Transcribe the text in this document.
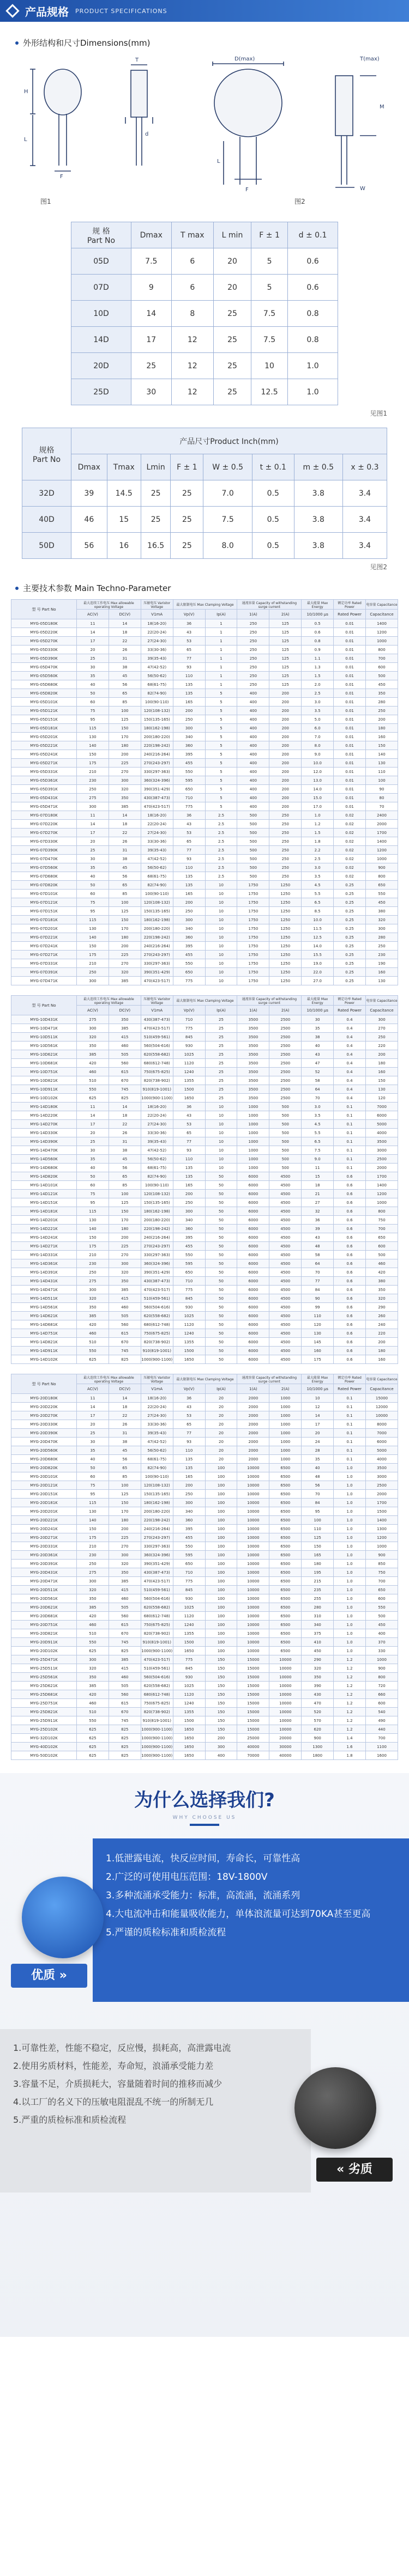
产品规格 PRODUCT SPECIFICATIONS
外形结构和尺寸Dimensions(mm)
H
L
F
T
d
图1
D(max)	T(max)
L
F	W
M
图2
规 格
Part No	Dmax	T max	L min	F ± 1	d ± 0.1
05D	7.5	6	20	5	0.6
07D	9	6	20	5	0.6
10D	14	8	25	7.5	0.8
14D	17	12	25	7.5	0.8
20D	25	12	25	10	1.0
25D	30	12	25	12.5	1.0
见图1
规格
Part No	产品尺寸Product Inch(mm)							
	Dmax	Tmax	Lmin	F ± 1	W ± 0.5	t ± 0.1	m ± 0.5	x ± 0.3
32D	39	14.5	25	25	7.0	0.5	3.8	3.4
40D	46	15	25	25	7.5	0.5	3.8	3.4
50D	56	16	16.5	25	8.0	0.5	3.8	3.4
见图2
主要技术参数 Main Techno-Parameter
型 号 Part No	最大连续工作电压 Max allowable operating Voltage		压敏电压 Varistor Voltage	最大限制电压 Max Clamping Voltage		通流容量 Capacity of withstanding surge current		最大能量 Max Energy	额定功率 Rated Power	电容量 Capacitance
	AC(V)	DC(V)	V1mA	Vp(V)	Ip(A)	1(A)	2(A)	10/1000 μs	Rated Power	Capacitance
MYG-05D180K	11	14	18(16-20)	36	1	250	125	0.5	0.01	1400
MYG-05D220K	14	18	22(20-24)	43	1	250	125	0.6	0.01	1200
MYG-05D270K	17	22	27(24-30)	53	1	250	125	0.8	0.01	1000
MYG-05D330K	20	26	33(30-36)	65	1	250	125	0.9	0.01	800
MYG-05D390K	25	31	39(35-43)	77	1	250	125	1.1	0.01	700
MYG-05D470K	30	38	47(42-52)	93	1	250	125	1.3	0.01	600
MYG-05D560K	35	45	56(50-62)	110	1	250	125	1.5	0.01	500
MYG-05D680K	40	56	68(61-75)	135	1	250	125	2.0	0.01	450
MYG-05D820K	50	65	82(74-90)	135	5	400	200	2.5	0.01	350
MYG-05D101K	60	85	100(90-110)	165	5	400	200	3.0	0.01	280
MYG-05D121K	75	100	120(108-132)	200	5	400	200	3.5	0.01	250
MYG-05D151K	95	125	150(135-165)	250	5	400	200	5.0	0.01	200
MYG-05D181K	115	150	180(162-198)	300	5	400	200	6.0	0.01	180
MYG-05D201K	130	170	200(180-220)	340	5	400	200	7.0	0.01	160
MYG-05D221K	140	180	220(198-242)	360	5	400	200	8.0	0.01	150
MYG-05D241K	150	200	240(216-264)	395	5	400	200	9.0	0.01	140
MYG-05D271K	175	225	270(243-297)	455	5	400	200	10.0	0.01	130
MYG-05D331K	210	270	330(297-363)	550	5	400	200	12.0	0.01	110
MYG-05D361K	230	300	360(324-396)	595	5	400	200	13.0	0.01	100
MYG-05D391K	250	320	390(351-429)	650	5	400	200	14.0	0.01	90
MYG-05D431K	275	350	430(387-473)	710	5	400	200	15.0	0.01	80
MYG-05D471K	300	385	470(423-517)	775	5	400	200	17.0	0.01	70
MYG-07D180K	11	14	18(16-20)	36	2.5	500	250	1.0	0.02	2400
MYG-07D220K	14	18	22(20-24)	43	2.5	500	250	1.2	0.02	2000
MYG-07D270K	17	22	27(24-30)	53	2.5	500	250	1.5	0.02	1700
MYG-07D330K	20	26	33(30-36)	65	2.5	500	250	1.8	0.02	1400
MYG-07D390K	25	31	39(35-43)	77	2.5	500	250	2.2	0.02	1200
MYG-07D470K	30	38	47(42-52)	93	2.5	500	250	2.5	0.02	1000
MYG-07D560K	35	45	56(50-62)	110	2.5	500	250	3.0	0.02	900
MYG-07D680K	40	56	68(61-75)	135	2.5	500	250	3.5	0.02	800
MYG-07D820K	50	65	82(74-90)	135	10	1750	1250	4.5	0.25	650
MYG-07D101K	60	85	100(90-110)	165	10	1750	1250	5.5	0.25	550
MYG-07D121K	75	100	120(108-132)	200	10	1750	1250	6.5	0.25	450
MYG-07D151K	95	125	150(135-165)	250	10	1750	1250	8.5	0.25	380
MYG-07D181K	115	150	180(162-198)	300	10	1750	1250	10.0	0.25	320
MYG-07D201K	130	170	200(180-220)	340	10	1750	1250	11.5	0.25	300
MYG-07D221K	140	180	220(198-242)	360	10	1750	1250	12.5	0.25	280
MYG-07D241K	150	200	240(216-264)	395	10	1750	1250	14.0	0.25	250
MYG-07D271K	175	225	270(243-297)	455	10	1750	1250	15.5	0.25	230
MYG-07D331K	210	270	330(297-363)	550	10	1750	1250	19.0	0.25	190
MYG-07D391K	250	320	390(351-429)	650	10	1750	1250	22.0	0.25	160
MYG-07D471K	300	385	470(423-517)	775	10	1750	1250	27.0	0.25	130
型 号 Part No	最大连续工作电压 Max allowable operating Voltage		压敏电压 Varistor Voltage	最大限制电压 Max Clamping Voltage		通流容量 Capacity of withstanding surge current		最大能量 Max Energy	额定功率 Rated Power	电容量 Capacitance
	AC(V)	DC(V)	V1mA	Vp(V)	Ip(A)	1(A)	2(A)	10/1000 μs	Rated Power	Capacitance
MYG-10D431K	275	350	430(387-473)	710	25	3500	2500	30	0.4	300
MYG-10D471K	300	385	470(423-517)	775	25	3500	2500	35	0.4	270
MYG-10D511K	320	415	510(459-561)	845	25	3500	2500	38	0.4	250
MYG-10D561K	350	460	560(504-616)	930	25	3500	2500	40	0.4	220
MYG-10D621K	385	505	620(558-682)	1025	25	3500	2500	43	0.4	200
MYG-10D681K	420	560	680(612-748)	1120	25	3500	2500	47	0.4	180
MYG-10D751K	460	615	750(675-825)	1240	25	3500	2500	52	0.4	160
MYG-10D821K	510	670	820(738-902)	1355	25	3500	2500	58	0.4	150
MYG-10D911K	550	745	910(819-1001)	1500	25	3500	2500	64	0.4	130
MYG-10D102K	625	825	1000(900-1100)	1650	25	3500	2500	70	0.4	120
MYG-14D180K	11	14	18(16-20)	36	10	1000	500	3.0	0.1	7000
MYG-14D220K	14	18	22(20-24)	43	10	1000	500	3.5	0.1	6000
MYG-14D270K	17	22	27(24-30)	53	10	1000	500	4.5	0.1	5000
MYG-14D330K	20	26	33(30-36)	65	10	1000	500	5.5	0.1	4000
MYG-14D390K	25	31	39(35-43)	77	10	1000	500	6.5	0.1	3500
MYG-14D470K	30	38	47(42-52)	93	10	1000	500	7.5	0.1	3000
MYG-14D560K	35	45	56(50-62)	110	10	1000	500	9.0	0.1	2500
MYG-14D680K	40	56	68(61-75)	135	10	1000	500	11	0.1	2000
MYG-14D820K	50	65	82(74-90)	135	50	6000	4500	15	0.6	1700
MYG-14D101K	60	85	100(90-110)	165	50	6000	4500	18	0.6	1400
MYG-14D121K	75	100	120(108-132)	200	50	6000	4500	21	0.6	1200
MYG-14D151K	95	125	150(135-165)	250	50	6000	4500	27	0.6	1000
MYG-14D181K	115	150	180(162-198)	300	50	6000	4500	32	0.6	800
MYG-14D201K	130	170	200(180-220)	340	50	6000	4500	36	0.6	750
MYG-14D221K	140	180	220(198-242)	360	50	6000	4500	39	0.6	700
MYG-14D241K	150	200	240(216-264)	395	50	6000	4500	43	0.6	650
MYG-14D271K	175	225	270(243-297)	455	50	6000	4500	48	0.6	600
MYG-14D331K	210	270	330(297-363)	550	50	6000	4500	58	0.6	500
MYG-14D361K	230	300	360(324-396)	595	50	6000	4500	64	0.6	460
MYG-14D391K	250	320	390(351-429)	650	50	6000	4500	70	0.6	420
MYG-14D431K	275	350	430(387-473)	710	50	6000	4500	77	0.6	380
MYG-14D471K	300	385	470(423-517)	775	50	6000	4500	84	0.6	350
MYG-14D511K	320	415	510(459-561)	845	50	6000	4500	90	0.6	320
MYG-14D561K	350	460	560(504-616)	930	50	6000	4500	99	0.6	290
MYG-14D621K	385	505	620(558-682)	1025	50	6000	4500	110	0.6	260
MYG-14D681K	420	560	680(612-748)	1120	50	6000	4500	120	0.6	240
MYG-14D751K	460	615	750(675-825)	1240	50	6000	4500	130	0.6	220
MYG-14D821K	510	670	820(738-902)	1355	50	6000	4500	145	0.6	200
MYG-14D911K	550	745	910(819-1001)	1500	50	6000	4500	160	0.6	180
MYG-14D102K	625	825	1000(900-1100)	1650	50	6000	4500	175	0.6	160
型 号 Part No	最大连续工作电压 Max allowable operating Voltage		压敏电压 Varistor Voltage	最大限制电压 Max Clamping Voltage		通流容量 Capacity of withstanding surge current		最大能量 Max Energy	额定功率 Rated Power	电容量 Capacitance
	AC(V)	DC(V)	V1mA	Vp(V)	Ip(A)	1(A)	2(A)	10/1000 μs	Rated Power	Capacitance
MYG-20D180K	11	14	18(16-20)	36	20	2000	1000	10	0.1	15000
MYG-20D220K	14	18	22(20-24)	43	20	2000	1000	12	0.1	12000
MYG-20D270K	17	22	27(24-30)	53	20	2000	1000	14	0.1	10000
MYG-20D330K	20	26	33(30-36)	65	20	2000	1000	17	0.1	8000
MYG-20D390K	25	31	39(35-43)	77	20	2000	1000	20	0.1	7000
MYG-20D470K	30	38	47(42-52)	93	20	2000	1000	24	0.1	6000
MYG-20D560K	35	45	56(50-62)	110	20	2000	1000	28	0.1	5000
MYG-20D680K	40	56	68(61-75)	135	20	2000	1000	35	0.1	4000
MYG-20D820K	50	65	82(74-90)	135	100	10000	6500	40	1.0	3500
MYG-20D101K	60	85	100(90-110)	165	100	10000	6500	48	1.0	3000
MYG-20D121K	75	100	120(108-132)	200	100	10000	6500	56	1.0	2500
MYG-20D151K	95	125	150(135-165)	250	100	10000	6500	70	1.0	2000
MYG-20D181K	115	150	180(162-198)	300	100	10000	6500	84	1.0	1700
MYG-20D201K	130	170	200(180-220)	340	100	10000	6500	95	1.0	1500
MYG-20D221K	140	180	220(198-242)	360	100	10000	6500	100	1.0	1400
MYG-20D241K	150	200	240(216-264)	395	100	10000	6500	110	1.0	1300
MYG-20D271K	175	225	270(243-297)	455	100	10000	6500	125	1.0	1200
MYG-20D331K	210	270	330(297-363)	550	100	10000	6500	150	1.0	1000
MYG-20D361K	230	300	360(324-396)	595	100	10000	6500	165	1.0	900
MYG-20D391K	250	320	390(351-429)	650	100	10000	6500	180	1.0	850
MYG-20D431K	275	350	430(387-473)	710	100	10000	6500	195	1.0	750
MYG-20D471K	300	385	470(423-517)	775	100	10000	6500	215	1.0	700
MYG-20D511K	320	415	510(459-561)	845	100	10000	6500	235	1.0	650
MYG-20D561K	350	460	560(504-616)	930	100	10000	6500	255	1.0	600
MYG-20D621K	385	505	620(558-682)	1025	100	10000	6500	280	1.0	550
MYG-20D681K	420	560	680(612-748)	1120	100	10000	6500	310	1.0	500
MYG-20D751K	460	615	750(675-825)	1240	100	10000	6500	340	1.0	450
MYG-20D821K	510	670	820(738-902)	1355	100	10000	6500	375	1.0	400
MYG-20D911K	550	745	910(819-1001)	1500	100	10000	6500	410	1.0	370
MYG-20D102K	625	825	1000(900-1100)	1650	100	10000	6500	450	1.0	330
MYG-25D471K	300	385	470(423-517)	775	150	15000	10000	290	1.2	1000
MYG-25D511K	320	415	510(459-561)	845	150	15000	10000	320	1.2	900
MYG-25D561K	350	460	560(504-616)	930	150	15000	10000	350	1.2	800
MYG-25D621K	385	505	620(558-682)	1025	150	15000	10000	390	1.2	720
MYG-25D681K	420	560	680(612-748)	1120	150	15000	10000	430	1.2	660
MYG-25D751K	460	615	750(675-825)	1240	150	15000	10000	470	1.2	600
MYG-25D821K	510	670	820(738-902)	1355	150	15000	10000	520	1.2	540
MYG-25D911K	550	745	910(819-1001)	1500	150	15000	10000	570	1.2	490
MYG-25D102K	625	825	1000(900-1100)	1650	150	15000	10000	620	1.2	440
MYG-32D102K	625	825	1000(900-1100)	1650	200	25000	20000	900	1.4	700
MYG-40D102K	625	825	1000(900-1100)	1650	300	40000	30000	1300	1.6	1100
MYG-50D102K	625	825	1000(900-1100)	1650	400	70000	40000	1800	1.8	1600
为什么选择我们?
WHY CHOOSE US
1.低泄露电流，快反应时间，寿命长，可靠性高
2.广泛的可使用电压范围：18V-1800V
3.多种流涌承受能力：标准，高流涌，流涌系列
4.大电流冲击和能量吸收能力，单体浪流量可达到70KA甚至更高
5.严谨的质检标准和质检流程
优质 »
1.可靠性差，性能不稳定，反应慢，损耗高，高泄露电流
2.使用劣质材料，性能差，寿命短，浪涌承受能力差
3.容量不足，介质损耗大，容量随着时间的推移而减少
4.以工厂的名义下的压敏电阻混乱不统一的所制无几
5.严重的质检标准和质检流程
« 劣质
